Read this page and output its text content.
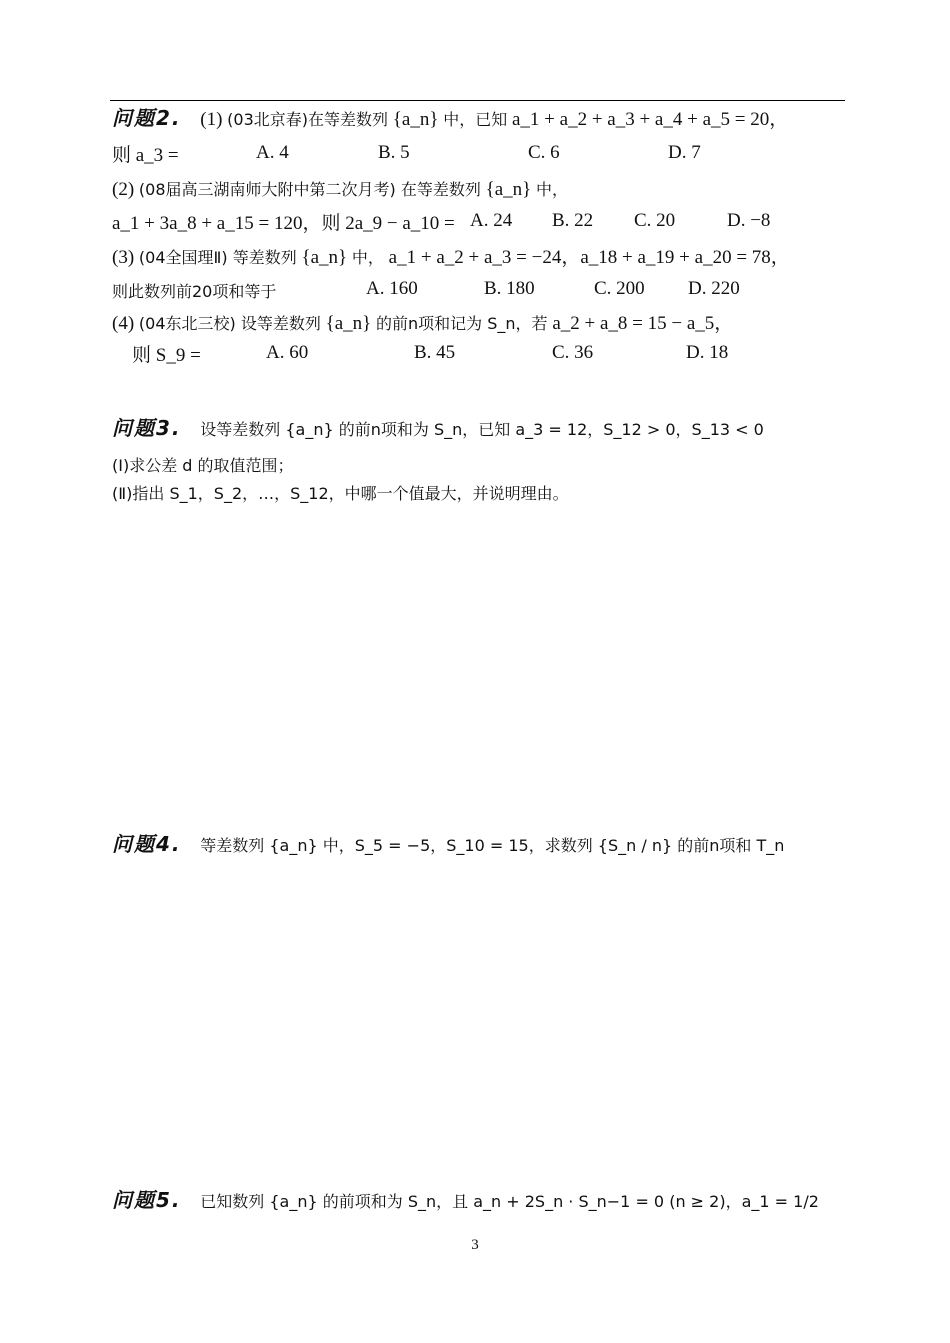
问题2. (1) (03北京春)在等差数列 {a_n} 中，已知 a_1 + a_2 + a_3 + a_4 + a_5 = 20，
则 a_3 =	A. 4	B. 5	C. 6	D. 7
(2) (08届高三湖南师大附中第二次月考) 在等差数列 {a_n} 中，
a_1 + 3a_8 + a_15 = 120，则 2a_9 − a_10 = A. 24 B. 22 C. 20	D. −8
(3) (04全国理Ⅱ) 等差数列 {a_n} 中， a_1 + a_2 + a_3 = −24，a_18 + a_19 + a_20 = 78，
则此数列前20项和等于	A. 160	B. 180	C. 200 D. 220
(4) (04东北三校) 设等差数列 {a_n} 的前n项和记为 S_n，若 a_2 + a_8 = 15 − a_5，
则 S_9 =	A. 60	B. 45	C. 36	D. 18
问题3. 设等差数列 {a_n} 的前n项和为 S_n，已知 a_3 = 12，S_12 > 0，S_13 < 0
(Ⅰ)求公差 d 的取值范围；
(Ⅱ)指出 S_1，S_2，…，S_12，中哪一个值最大，并说明理由。
问题4. 等差数列 {a_n} 中，S_5 = −5，S_10 = 15，求数列 {S_n / n} 的前n项和 T_n
问题5. 已知数列 {a_n} 的前项和为 S_n，且 a_n + 2S_n · S_n−1 = 0 (n ≥ 2)，a_1 = 1/2
3
